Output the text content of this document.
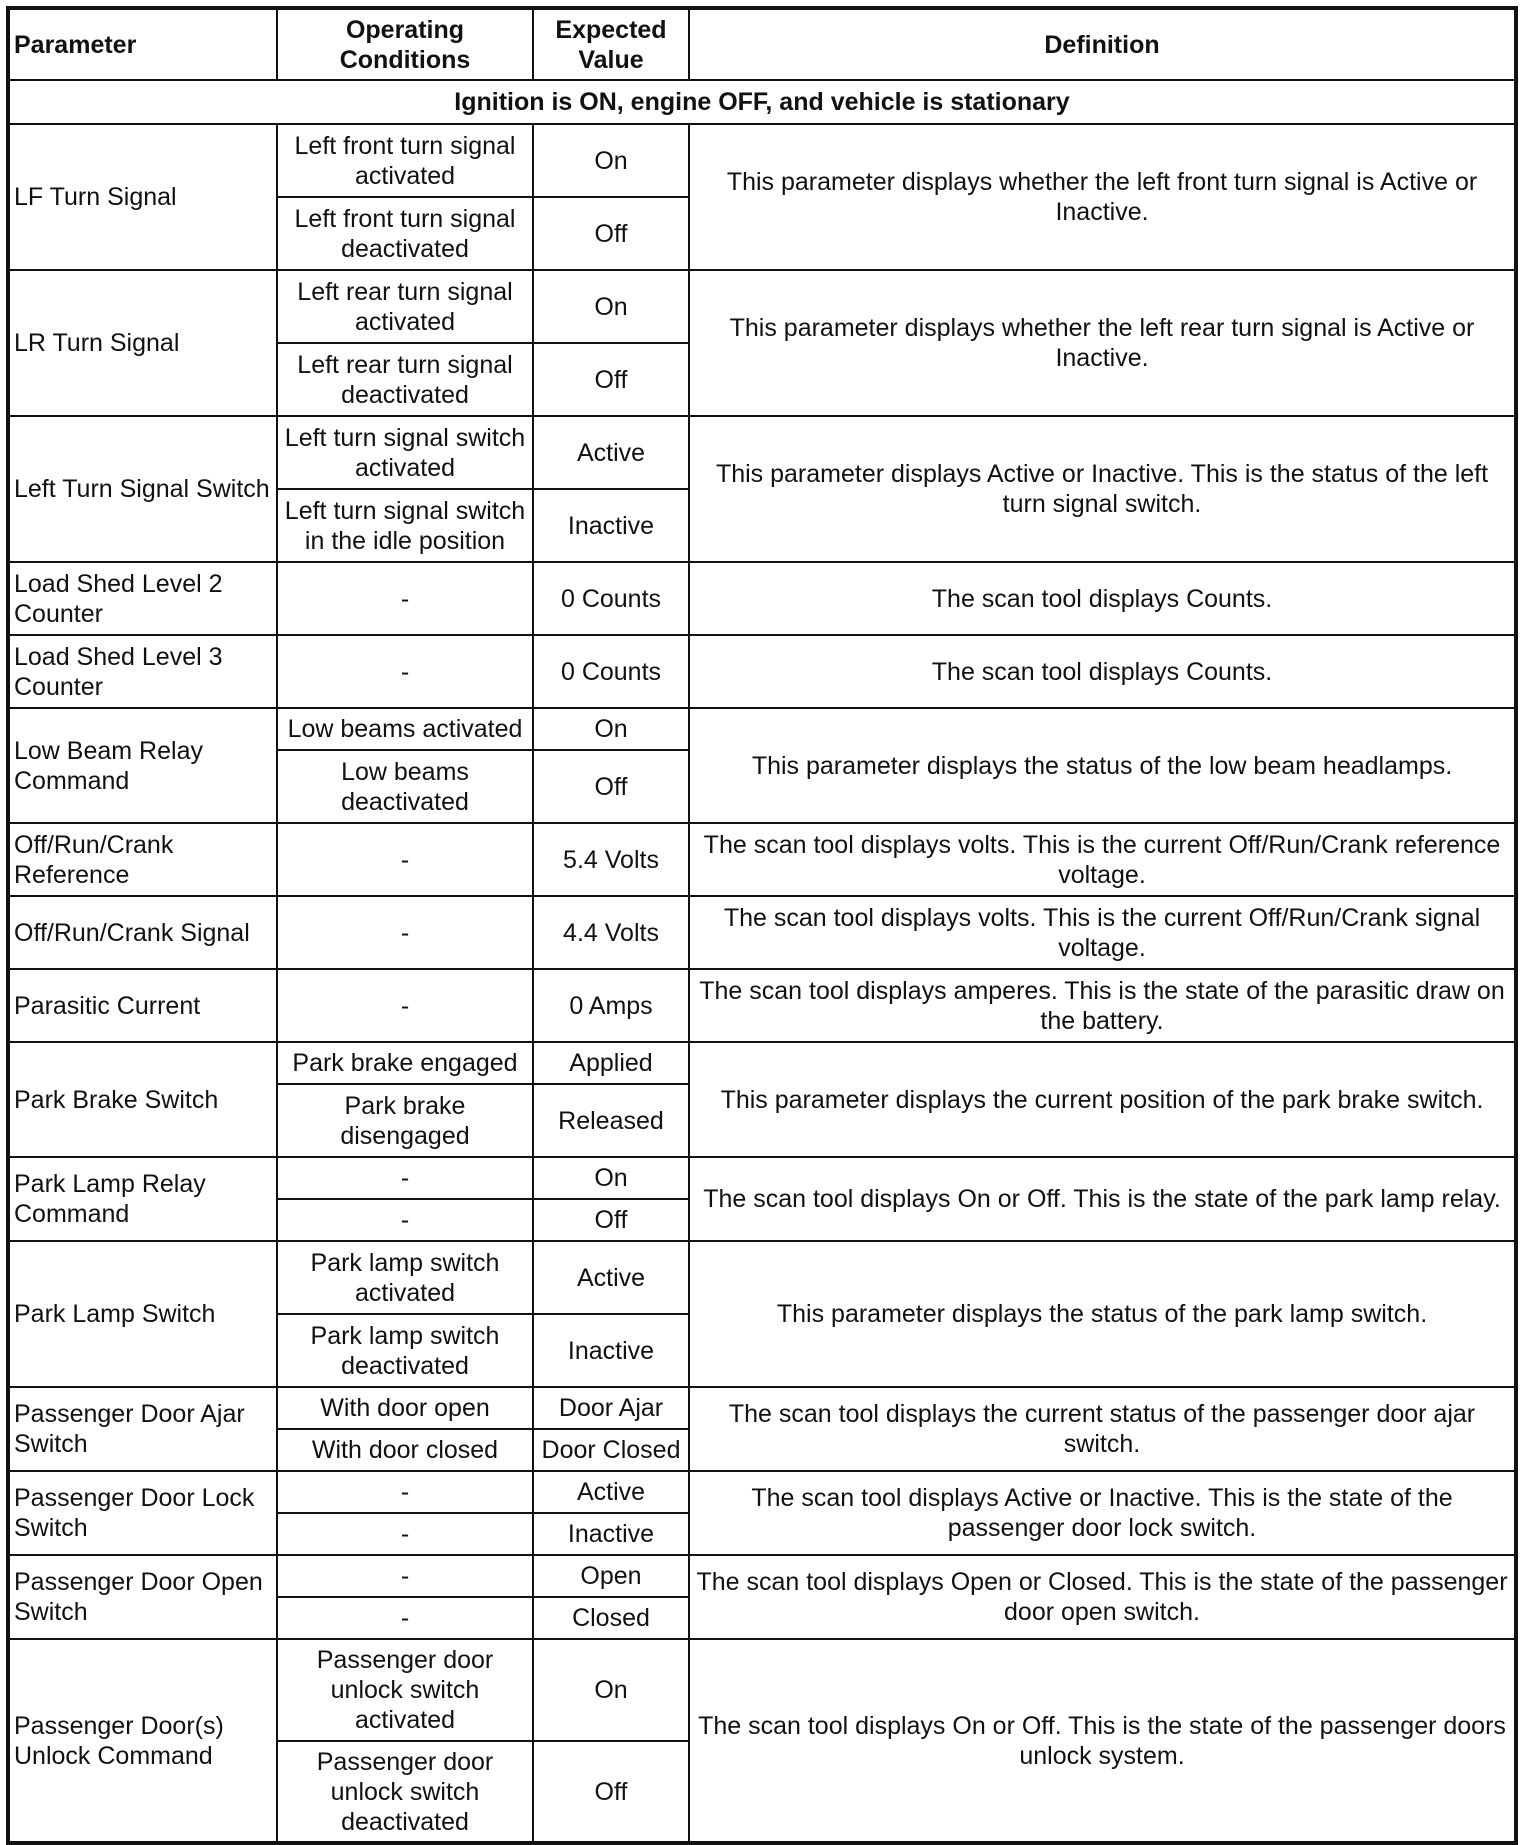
Parameter	Operating Conditions	Expected Value	Definition
Ignition is ON, engine OFF, and vehicle is stationary			
LF Turn Signal	Left front turn signal activated	On	This parameter displays whether the left front turn signal is Active or Inactive.
	Left front turn signal deactivated	Off	
LR Turn Signal	Left rear turn signal activated	On	This parameter displays whether the left rear turn signal is Active or Inactive.
	Left rear turn signal deactivated	Off	
Left Turn Signal Switch	Left turn signal switch activated	Active	This parameter displays Active or Inactive. This is the status of the left turn signal switch.
	Left turn signal switch in the idle position	Inactive	
Load Shed Level 2 Counter	-	0 Counts	The scan tool displays Counts.
Load Shed Level 3 Counter	-	0 Counts	The scan tool displays Counts.
Low Beam Relay Command	Low beams activated	On	This parameter displays the status of the low beam headlamps.
	Low beams deactivated	Off	
Off/Run/Crank Reference	-	5.4 Volts	The scan tool displays volts. This is the current Off/Run/Crank reference voltage.
Off/Run/Crank Signal	-	4.4 Volts	The scan tool displays volts. This is the current Off/Run/Crank signal voltage.
Parasitic Current	-	0 Amps	The scan tool displays amperes. This is the state of the parasitic draw on the battery.
Park Brake Switch	Park brake engaged	Applied	This parameter displays the current position of the park brake switch.
	Park brake disengaged	Released	
Park Lamp Relay Command	-	On	The scan tool displays On or Off. This is the state of the park lamp relay.
	-	Off	
Park Lamp Switch	Park lamp switch activated	Active	This parameter displays the status of the park lamp switch.
	Park lamp switch deactivated	Inactive	
Passenger Door Ajar Switch	With door open	Door Ajar	The scan tool displays the current status of the passenger door ajar switch.
	With door closed	Door Closed	
Passenger Door Lock Switch	-	Active	The scan tool displays Active or Inactive. This is the state of the passenger door lock switch.
	-	Inactive	
Passenger Door Open Switch	-	Open	The scan tool displays Open or Closed. This is the state of the passenger door open switch.
	-	Closed	
Passenger Door(s) Unlock Command	Passenger door unlock switch activated	On	The scan tool displays On or Off. This is the state of the passenger doors unlock system.
	Passenger door unlock switch deactivated	Off	
